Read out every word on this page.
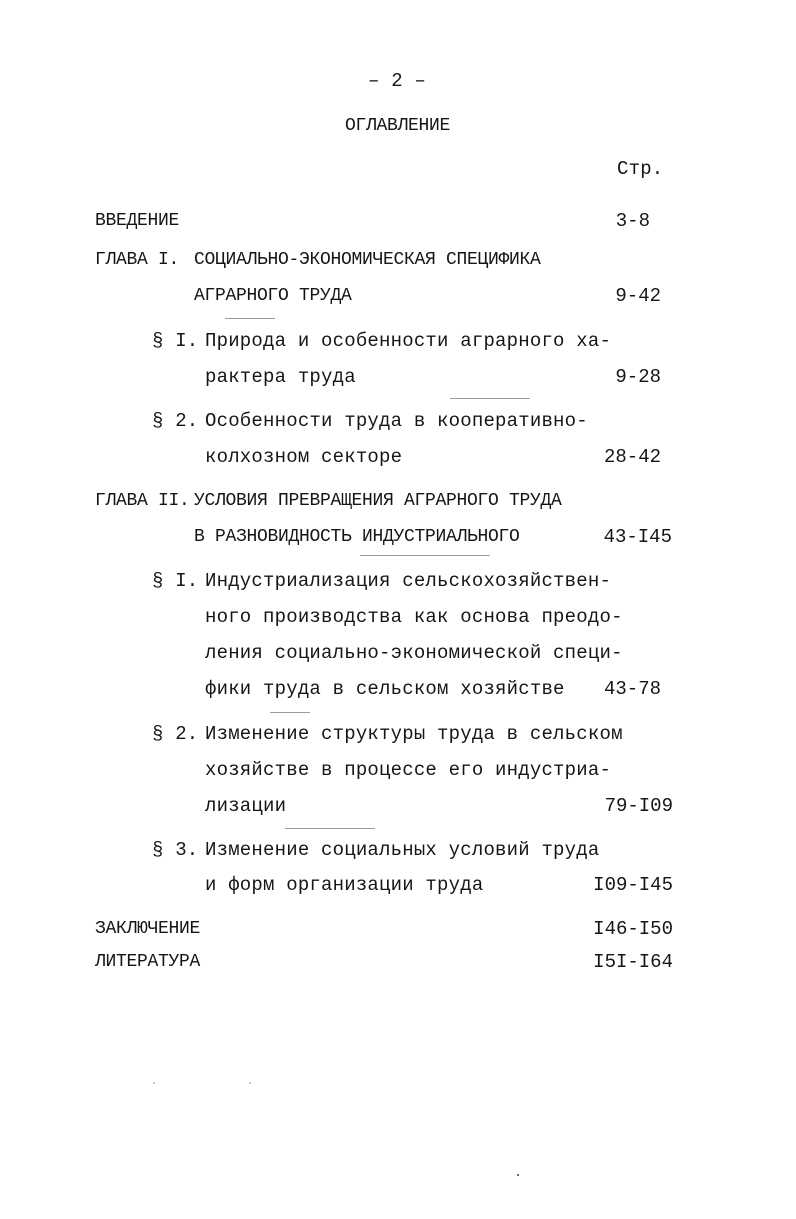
– 2 –
ОГЛАВЛЕНИЕ
Стр.
ВВЕДЕНИЕ	3-8
ГЛАВА I. СОЦИАЛЬНО-ЭКОНОМИЧЕСКАЯ СПЕЦИФИКА
АГРАРНОГО ТРУДА	9-42
§ I. Природа и особенности аграрного ха-
рактера труда	9-28
§ 2. Особенности труда в кооперативно-
колхозном секторе	28-42
ГЛАВА II. УСЛОВИЯ ПРЕВРАЩЕНИЯ АГРАРНОГО ТРУДА
В РАЗНОВИДНОСТЬ ИНДУСТРИАЛЬНОГО	43-I45
§ I. Индустриализация сельскохозяйствен-
ного производства как основа преодо-
ления социально-экономической специ-
фики труда в сельском хозяйстве	43-78
§ 2. Изменение структуры труда в сельском
хозяйстве в процессе его индустриа-
лизации	79-I09
§ 3. Изменение социальных условий труда
и форм организации труда	I09-I45
ЗАКЛЮЧЕНИЕ	I46-I50
ЛИТЕРАТУРА	I5I-I64
